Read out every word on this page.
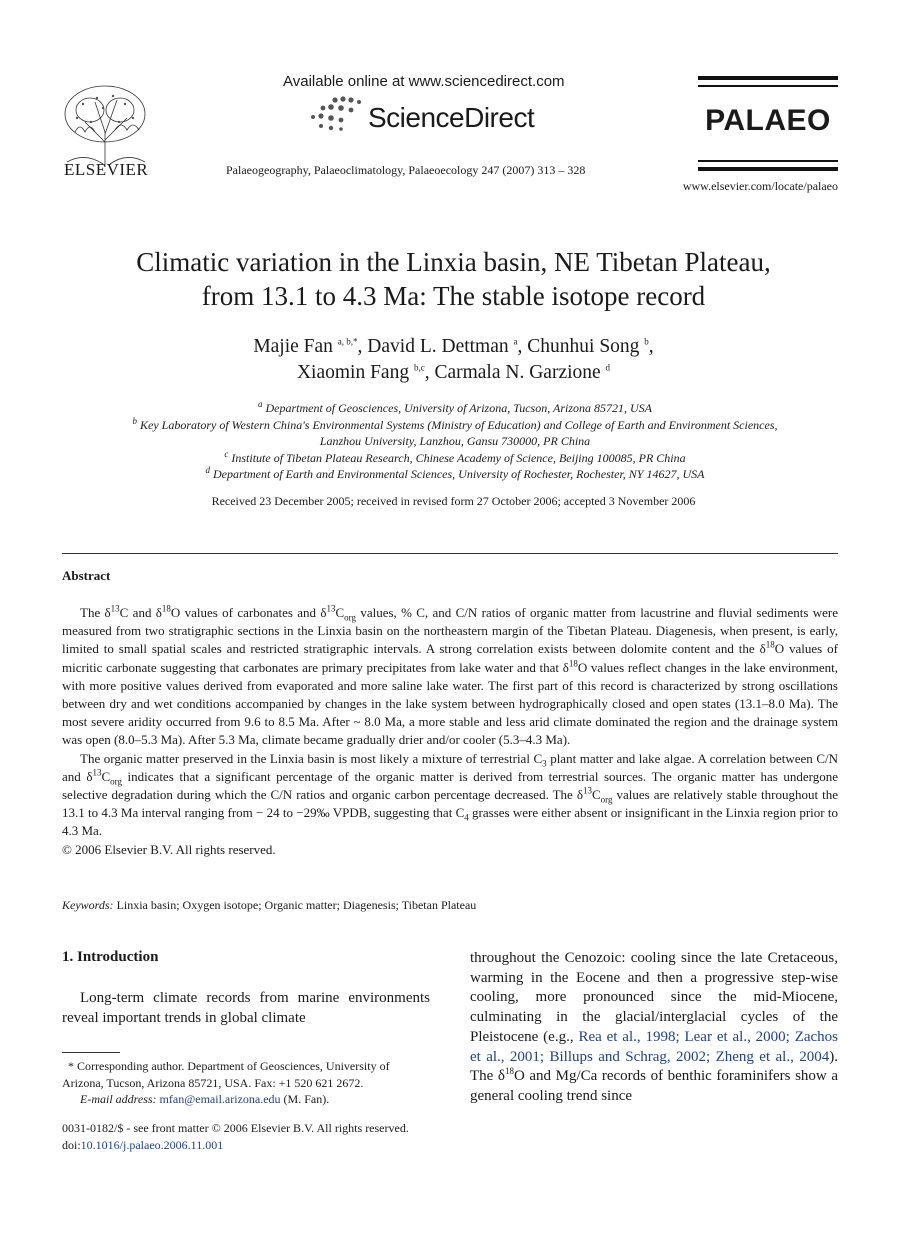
ELSEVIER
Available online at www.sciencedirect.com
ScienceDirect
Palaeogeography, Palaeoclimatology, Palaeoecology 247 (2007) 313 – 328
PALAEO
www.elsevier.com/locate/palaeo
Climatic variation in the Linxia basin, NE Tibetan Plateau,
from 13.1 to 4.3 Ma: The stable isotope record
Majie Fan $^{a, b,*}$, David L. Dettman $^a$, Chunhui Song $^b$,
Xiaomin Fang $^{b,c}$, Carmala N. Garzione $^d$
$^a$ Department of Geosciences, University of Arizona, Tucson, Arizona 85721, USA
$^b$ Key Laboratory of Western China's Environmental Systems (Ministry of Education) and College of Earth and Environment Sciences,
Lanzhou University, Lanzhou, Gansu 730000, PR China
$^c$ Institute of Tibetan Plateau Research, Chinese Academy of Science, Beijing 100085, PR China
$^d$ Department of Earth and Environmental Sciences, University of Rochester, Rochester, NY 14627, USA
Received 23 December 2005; received in revised form 27 October 2006; accepted 3 November 2006
Abstract

The $\delta^{13}C$ and $\delta^{18}O$ values of carbonates and $\delta^{13}C_{org}$ values, % C, and C/N ratios of organic matter from lacustrine and fluvial sediments were measured from two stratigraphic sections in the Linxia basin on the northeastern margin of the Tibetan Plateau. Diagenesis, when present, is early, limited to small spatial scales and restricted stratigraphic intervals. A strong correlation exists between dolomite content and the $\delta^{18}O$ values of micritic carbonate suggesting that carbonates are primary precipitates from lake water and that $\delta^{18}O$ values reflect changes in the lake environment, with more positive values derived from evaporated and more saline lake water. The first part of this record is characterized by strong oscillations between dry and wet conditions accompanied by changes in the lake system between hydrographically closed and open states (13.1–8.0 Ma). The most severe aridity occurred from 9.6 to 8.5 Ma. After ~ 8.0 Ma, a more stable and less arid climate dominated the region and the drainage system was open (8.0–5.3 Ma). After 5.3 Ma, climate became gradually drier and/or cooler (5.3–4.3 Ma).

The organic matter preserved in the Linxia basin is most likely a mixture of terrestrial $C_3$ plant matter and lake algae. A correlation between C/N and $\delta^{13}C_{org}$ indicates that a significant percentage of the organic matter is derived from terrestrial sources. The organic matter has undergone selective degradation during which the C/N ratios and organic carbon percentage decreased. The $\delta^{13}C_{org}$ values are relatively stable throughout the 13.1 to 4.3 Ma interval ranging from − 24 to −29‰ VPDB, suggesting that $C_4$ grasses were either absent or insignificant in the Linxia region prior to 4.3 Ma.

© 2006 Elsevier B.V. All rights reserved.

Keywords: Linxia basin; Oxygen isotope; Organic matter; Diagenesis; Tibetan Plateau
1. Introduction
Long-term climate records from marine environments reveal important trends in global climate
* Corresponding author. Department of Geosciences, University of Arizona, Tucson, Arizona 85721, USA. Fax: +1 520 621 2672.
E-mail address: mfan@email.arizona.edu (M. Fan).
0031-0182/$ - see front matter © 2006 Elsevier B.V. All rights reserved.
doi:10.1016/j.palaeo.2006.11.001
throughout the Cenozoic: cooling since the late Cretaceous, warming in the Eocene and then a progressive step-wise cooling, more pronounced since the mid-Miocene, culminating in the glacial/interglacial cycles of the Pleistocene (e.g., Rea et al., 1998; Lear et al., 2000; Zachos et al., 2001; Billups and Schrag, 2002; Zheng et al., 2004). The $\delta^{18}O$ and Mg/Ca records of benthic foraminifers show a general cooling trend since
